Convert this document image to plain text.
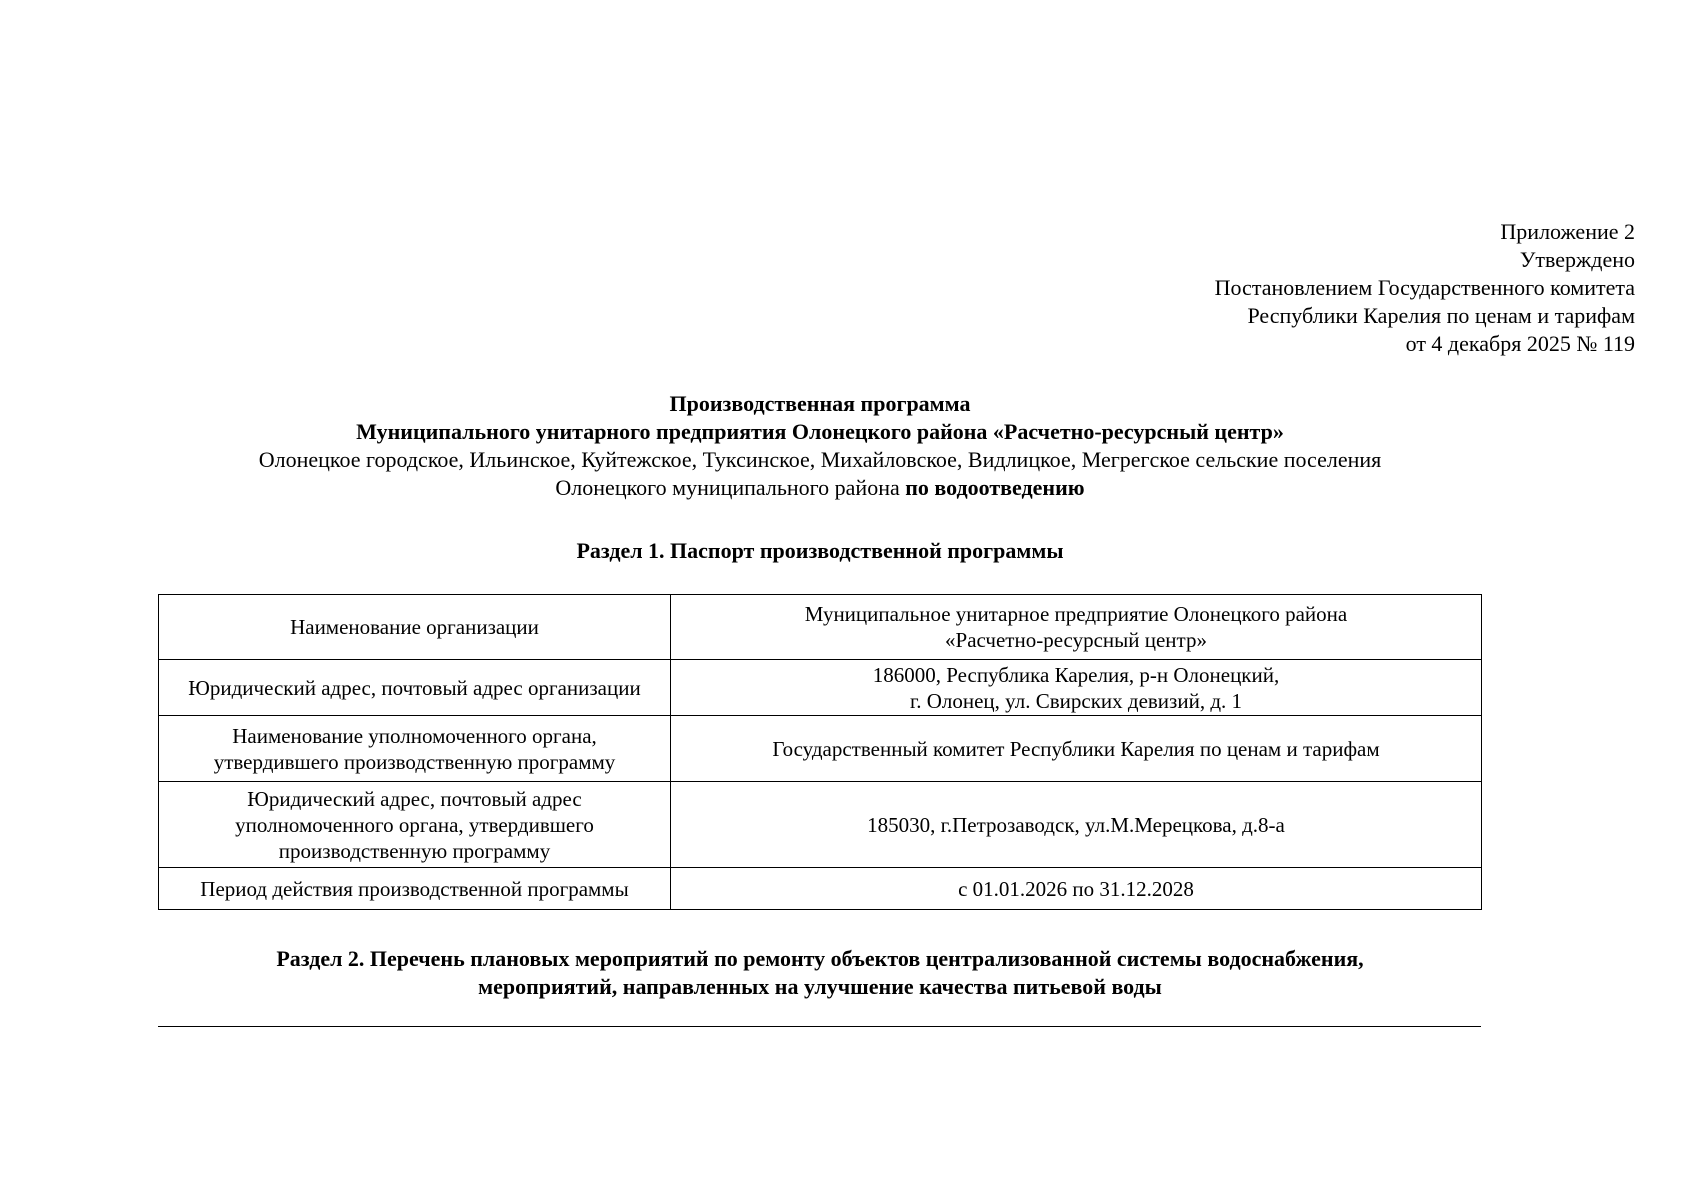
Приложение 2
Утверждено
Постановлением Государственного комитета
Республики Карелия по ценам и тарифам
от 4 декабря 2025 № 119
Производственная программа
Муниципального унитарного предприятия Олонецкого района «Расчетно-ресурсный центр»
Олонецкое городское, Ильинское, Куйтежское, Туксинское, Михайловское, Видлицкое, Мегрегское сельские поселения
Олонецкого муниципального района по водоотведению
Раздел 1. Паспорт производственной программы
Наименование организации	Муниципальное унитарное предприятие Олонецкого района
«Расчетно-ресурсный центр»

Юридический адрес, почтовый адрес организации	186000, Республика Карелия, р-н Олонецкий,
г. Олонец, ул. Свирских девизий, д. 1

Наименование уполномоченного органа,
утвердившего производственную программу	Государственный комитет Республики Карелия по ценам и тарифам

Юридический адрес, почтовый адрес
уполномоченного органа, утвердившего
производственную программу	185030, г.Петрозаводск, ул.М.Мерецкова, д.8-а

Период действия производственной программы	с 01.01.2026 по 31.12.2028
Раздел 2. Перечень плановых мероприятий по ремонту объектов централизованной системы водоснабжения,
мероприятий, направленных на улучшение качества питьевой воды
